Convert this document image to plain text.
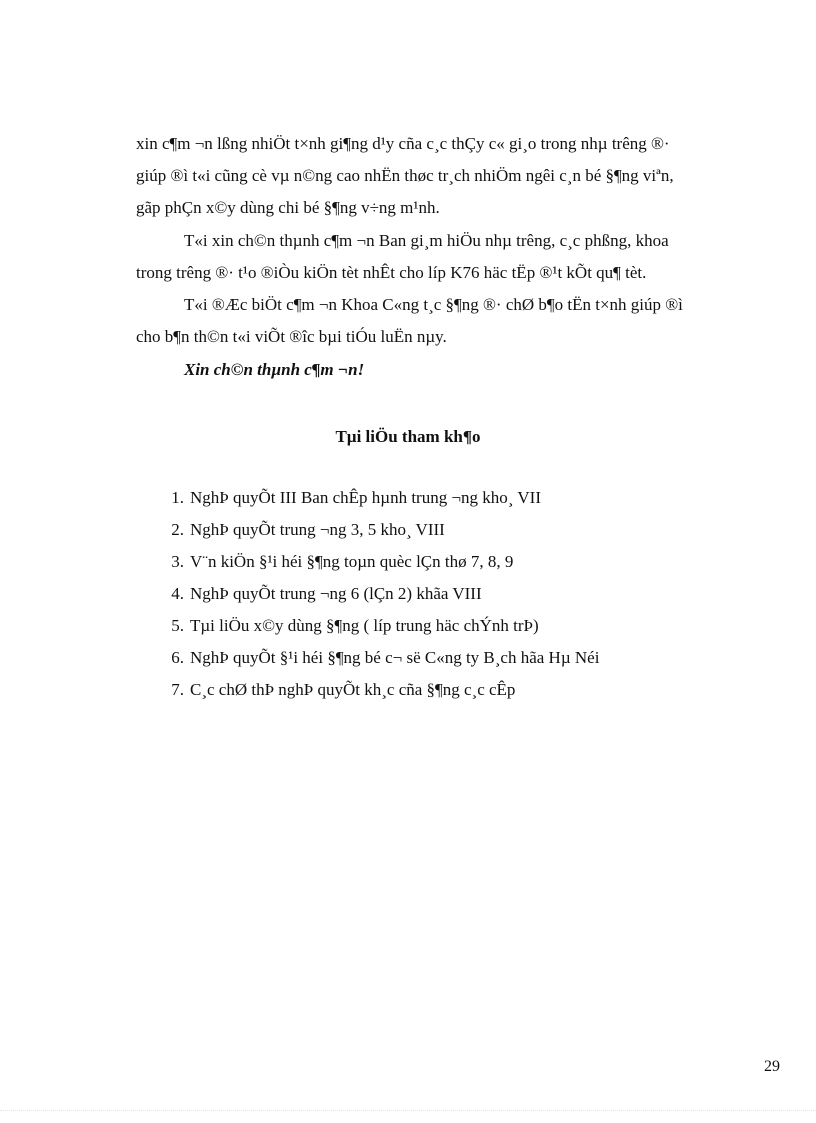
xin c¶m ¬n lßng nhiÖt t×nh gi¶ng d¹y cña c¸c thÇy c« gi¸o trong nhµ trêng ®·
giúp ®ì t«i cũng cè vµ n©ng cao nhËn thøc tr¸ch nhiÖm ngêi c¸n bé §¶ng viªn,
gãp phÇn x©y dùng chi bé §¶ng v÷ng m¹nh.

T«i xin ch©n thµnh c¶m ¬n Ban gi¸m hiÖu nhµ trêng, c¸c phßng, khoa
trong trêng ®· t¹o ®iÒu kiÖn tèt nhÊt cho líp K76 häc tËp ®¹t kÕt qu¶ tèt.

T«i ®Æc biÖt c¶m ¬n Khoa C«ng t¸c §¶ng ®· chØ b¶o tËn t×nh giúp ®ì
cho b¶n th©n t«i viÕt ®îc bµi tiÓu luËn nµy.

Xin ch©n thµnh c¶m ¬n!

Tµi liÖu tham kh¶o
1. NghÞ quyÕt III Ban chÊp hµnh trung ¬ng kho¸ VII
2. NghÞ quyÕt trung ¬ng 3, 5 kho¸ VIII
3. V¨n kiÖn §¹i héi §¶ng toµn quèc lÇn thø 7, 8, 9
4. NghÞ quyÕt trung ¬ng 6 (lÇn 2) khãa VIII
5. Tµi liÖu x©y dùng §¶ng ( líp trung häc chÝnh trÞ)
6. NghÞ quyÕt §¹i héi §¶ng bé c¬ së C«ng ty B¸ch hãa Hµ Néi
7. C¸c chØ thÞ nghÞ quyÕt kh¸c cña §¶ng c¸c cÊp

29
